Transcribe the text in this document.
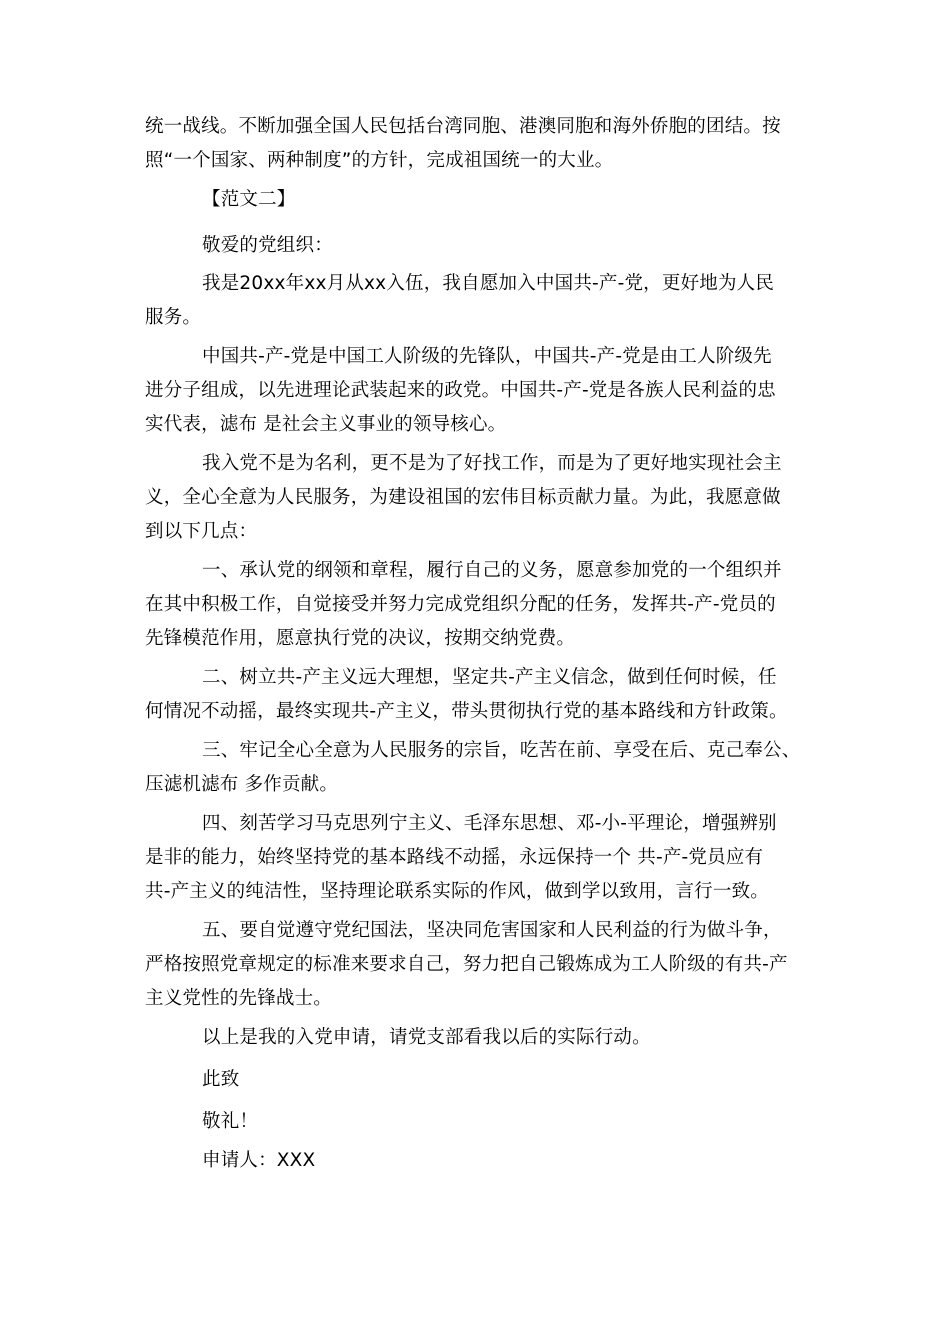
统一战线。不断加强全国人民包括台湾同胞、港澳同胞和海外侨胞的团结。按
照“一个国家、两种制度”的方针，完成祖国统一的大业。
【范文二】
敬爱的党组织：
我是20xx年xx月从xx入伍，我自愿加入中国共-产-党，更好地为人民
服务。
中国共-产-党是中国工人阶级的先锋队，中国共-产-党是由工人阶级先
进分子组成，以先进理论武装起来的政党。中国共-产-党是各族人民利益的忠
实代表，滤布 是社会主义事业的领导核心。
我入党不是为名利，更不是为了好找工作，而是为了更好地实现社会主
义，全心全意为人民服务，为建设祖国的宏伟目标贡献力量。为此，我愿意做
到以下几点：
一、承认党的纲领和章程，履行自己的义务，愿意参加党的一个组织并
在其中积极工作，自觉接受并努力完成党组织分配的任务，发挥共-产-党员的
先锋模范作用，愿意执行党的决议，按期交纳党费。
二、树立共-产主义远大理想，坚定共-产主义信念，做到任何时候，任
何情况不动摇，最终实现共-产主义，带头贯彻执行党的基本路线和方针政策。
三、牢记全心全意为人民服务的宗旨，吃苦在前、享受在后、克己奉公、
压滤机滤布 多作贡献。
四、刻苦学习马克思列宁主义、毛泽东思想、邓-小-平理论，增强辨别
是非的能力，始终坚持党的基本路线不动摇，永远保持一个 共-产-党员应有
共-产主义的纯洁性，坚持理论联系实际的作风，做到学以致用，言行一致。
五、要自觉遵守党纪国法，坚决同危害国家和人民利益的行为做斗争，
严格按照党章规定的标准来要求自己，努力把自己锻炼成为工人阶级的有共-产
主义党性的先锋战士。
以上是我的入党申请，请党支部看我以后的实际行动。
此致
敬礼！
申请人：XXX
